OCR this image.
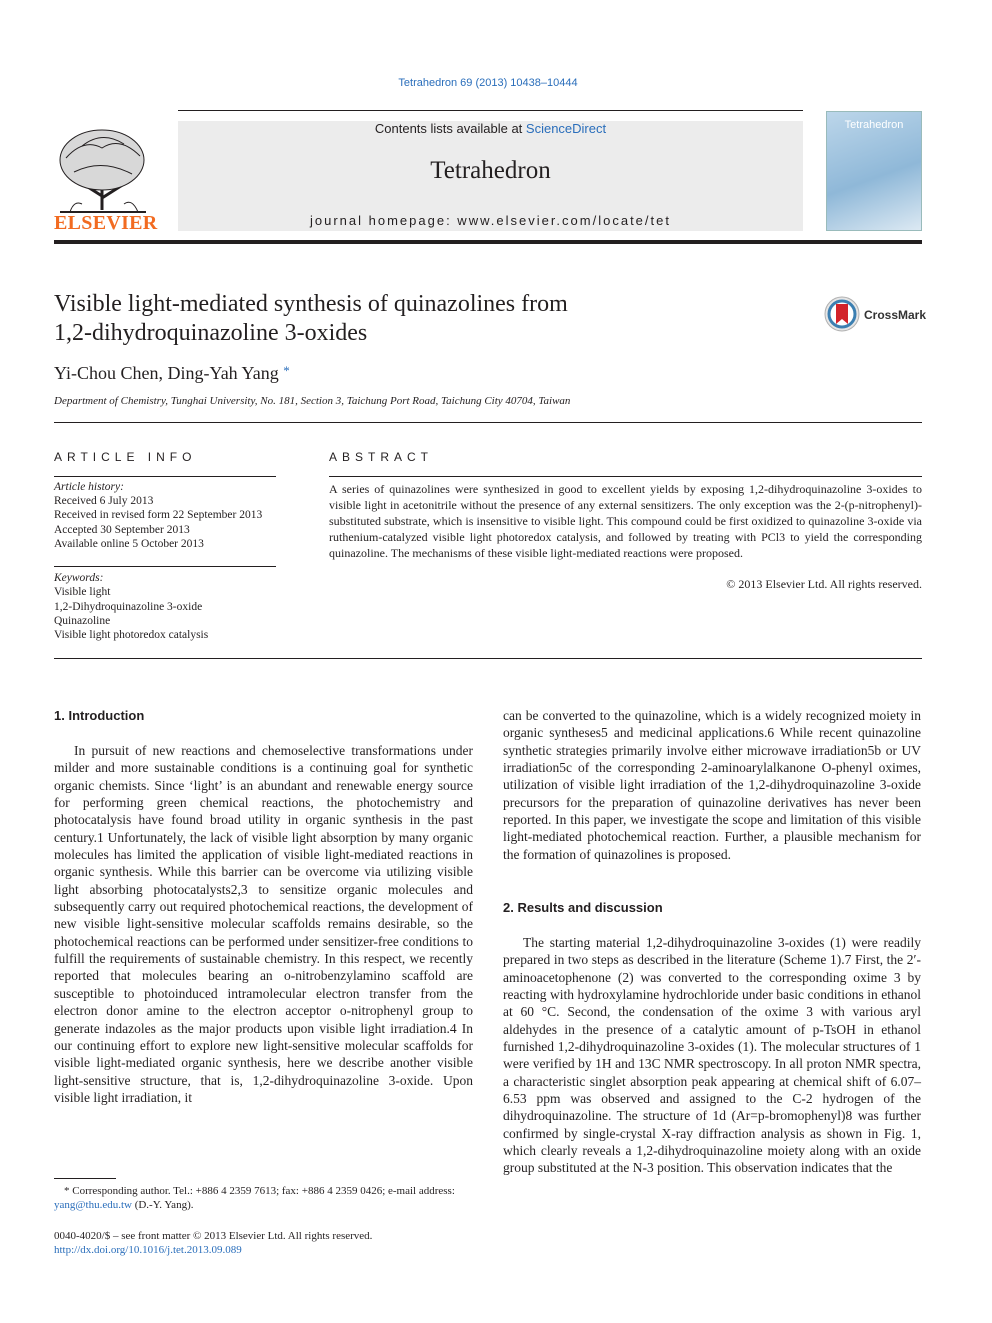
Tetrahedron 69 (2013) 10438–10444
ELSEVIER
Contents lists available at ScienceDirect
Tetrahedron
journal homepage: www.elsevier.com/locate/tet
Tetrahedron
Visible light-mediated synthesis of quinazolines from
1,2-dihydroquinazoline 3-oxides
CrossMark
Yi-Chou Chen, Ding-Yah Yang *
Department of Chemistry, Tunghai University, No. 181, Section 3, Taichung Port Road, Taichung City 40704, Taiwan
ARTICLE INFO	ABSTRACT
Article history:
Received 6 July 2013
Received in revised form 22 September 2013
Accepted 30 September 2013
Available online 5 October 2013
Keywords:
Visible light
1,2-Dihydroquinazoline 3-oxide
Quinazoline
Visible light photoredox catalysis
A series of quinazolines were synthesized in good to excellent yields by exposing 1,2-dihydroquinazoline 3-oxides to visible light in acetonitrile without the presence of any external sensitizers. The only exception was the 2-(p-nitrophenyl)-substituted substrate, which is insensitive to visible light. This compound could be first oxidized to quinazoline 3-oxide via ruthenium-catalyzed visible light photoredox catalysis, and followed by treating with PCl3 to yield the corresponding quinazoline. The mechanisms of these visible light-mediated reactions were proposed.
© 2013 Elsevier Ltd. All rights reserved.
1. Introduction
In pursuit of new reactions and chemoselective transformations under milder and more sustainable conditions is a continuing goal for synthetic organic chemists. Since ‘light’ is an abundant and renewable energy source for performing green chemical reactions, the photochemistry and photocatalysis have found broad utility in organic synthesis in the past century.1 Unfortunately, the lack of visible light absorption by many organic molecules has limited the application of visible light-mediated reactions in organic synthesis. While this barrier can be overcome via utilizing visible light absorbing photocatalysts2,3 to sensitize organic molecules and subsequently carry out required photochemical reactions, the development of new visible light-sensitive molecular scaffolds remains desirable, so the photochemical reactions can be performed under sensitizer-free conditions to fulfill the requirements of sustainable chemistry. In this respect, we recently reported that molecules bearing an o-nitrobenzylamino scaffold are susceptible to photoinduced intramolecular electron transfer from the electron donor amine to the electron acceptor o-nitrophenyl group to generate indazoles as the major products upon visible light irradiation.4 In our continuing effort to explore new light-sensitive molecular scaffolds for visible light-mediated organic synthesis, here we describe another visible light-sensitive structure, that is, 1,2-dihydroquinazoline 3-oxide. Upon visible light irradiation, it
can be converted to the quinazoline, which is a widely recognized moiety in organic syntheses5 and medicinal applications.6 While recent quinazoline synthetic strategies primarily involve either microwave irradiation5b or UV irradiation5c of the corresponding 2-aminoarylalkanone O-phenyl oximes, utilization of visible light irradiation of the 1,2-dihydroquinazoline 3-oxide precursors for the preparation of quinazoline derivatives has never been reported. In this paper, we investigate the scope and limitation of this visible light-mediated photochemical reaction. Further, a plausible mechanism for the formation of quinazolines is proposed.
2. Results and discussion
The starting material 1,2-dihydroquinazoline 3-oxides (1) were readily prepared in two steps as described in the literature (Scheme 1).7 First, the 2′-aminoacetophenone (2) was converted to the corresponding oxime 3 by reacting with hydroxylamine hydrochloride under basic conditions in ethanol at 60 °C. Second, the condensation of the oxime 3 with various aryl aldehydes in the presence of a catalytic amount of p-TsOH in ethanol furnished 1,2-dihydroquinazoline 3-oxides (1). The molecular structures of 1 were verified by 1H and 13C NMR spectroscopy. In all proton NMR spectra, a characteristic singlet absorption peak appearing at chemical shift of 6.07–6.53 ppm was observed and assigned to the C-2 hydrogen of the dihydroquinazoline. The structure of 1d (Ar=p-bromophenyl)8 was further confirmed by single-crystal X-ray diffraction analysis as shown in Fig. 1, which clearly reveals a 1,2-dihydroquinazoline moiety along with an oxide group substituted at the N-3 position. This observation indicates that the
* Corresponding author. Tel.: +886 4 2359 7613; fax: +886 4 2359 0426; e-mail address: yang@thu.edu.tw (D.-Y. Yang).
0040-4020/$ – see front matter © 2013 Elsevier Ltd. All rights reserved.
http://dx.doi.org/10.1016/j.tet.2013.09.089
